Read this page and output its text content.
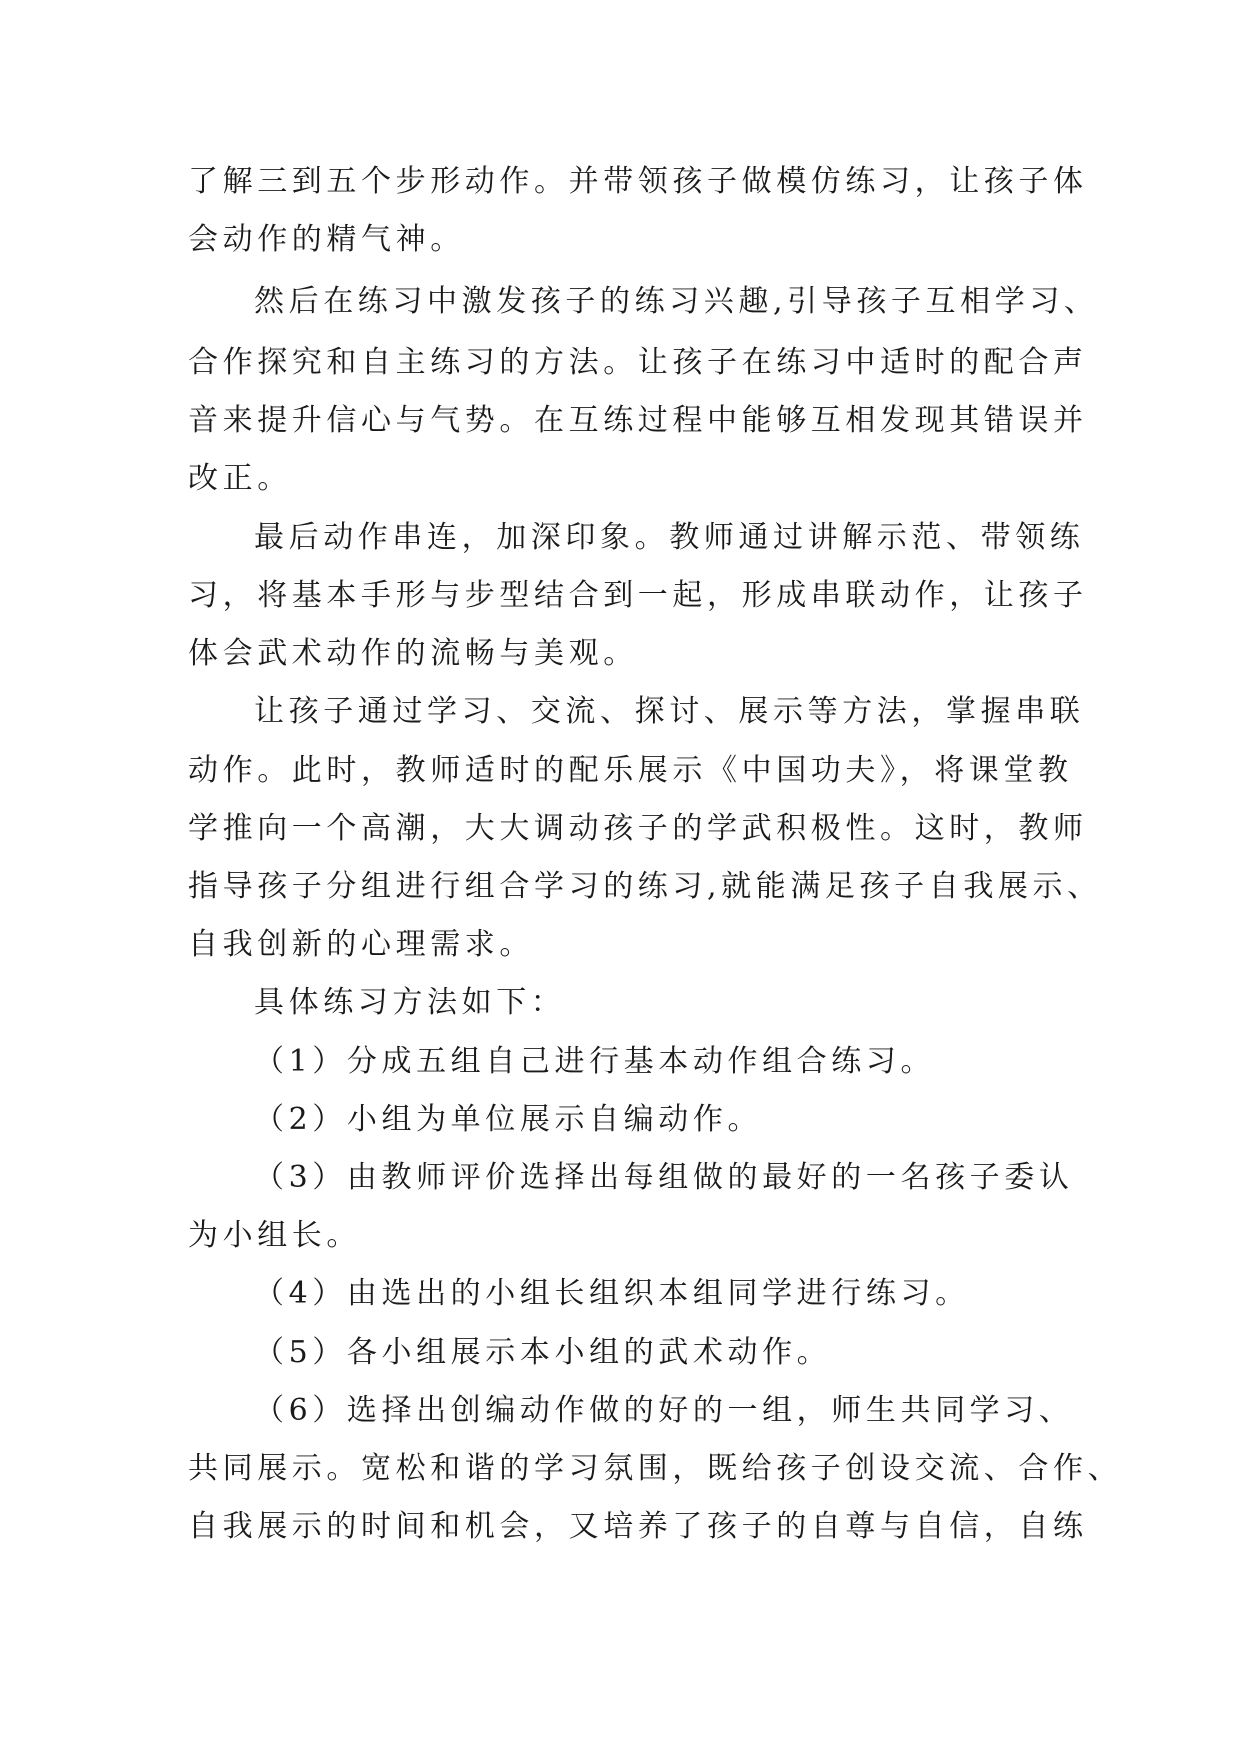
了解三到五个步形动作。并带领孩子做模仿练习，让孩子体
会动作的精气神。
然后在练习中激发孩子的练习兴趣,引导孩子互相学习、
合作探究和自主练习的方法。让孩子在练习中适时的配合声
音来提升信心与气势。在互练过程中能够互相发现其错误并
改正。
最后动作串连，加深印象。教师通过讲解示范、带领练
习，将基本手形与步型结合到一起，形成串联动作，让孩子
体会武术动作的流畅与美观。
让孩子通过学习、交流、探讨、展示等方法，掌握串联
动作。此时，教师适时的配乐展示《中国功夫》，将课堂教
学推向一个高潮，大大调动孩子的学武积极性。这时，教师
指导孩子分组进行组合学习的练习,就能满足孩子自我展示、
自我创新的心理需求。
具体练习方法如下：
（1）分成五组自己进行基本动作组合练习。
（2）小组为单位展示自编动作。
（3）由教师评价选择出每组做的最好的一名孩子委认
为小组长。
（4）由选出的小组长组织本组同学进行练习。
（5）各小组展示本小组的武术动作。
（6）选择出创编动作做的好的一组，师生共同学习、
共同展示。宽松和谐的学习氛围，既给孩子创设交流、合作、
自我展示的时间和机会，又培养了孩子的自尊与自信，自练
